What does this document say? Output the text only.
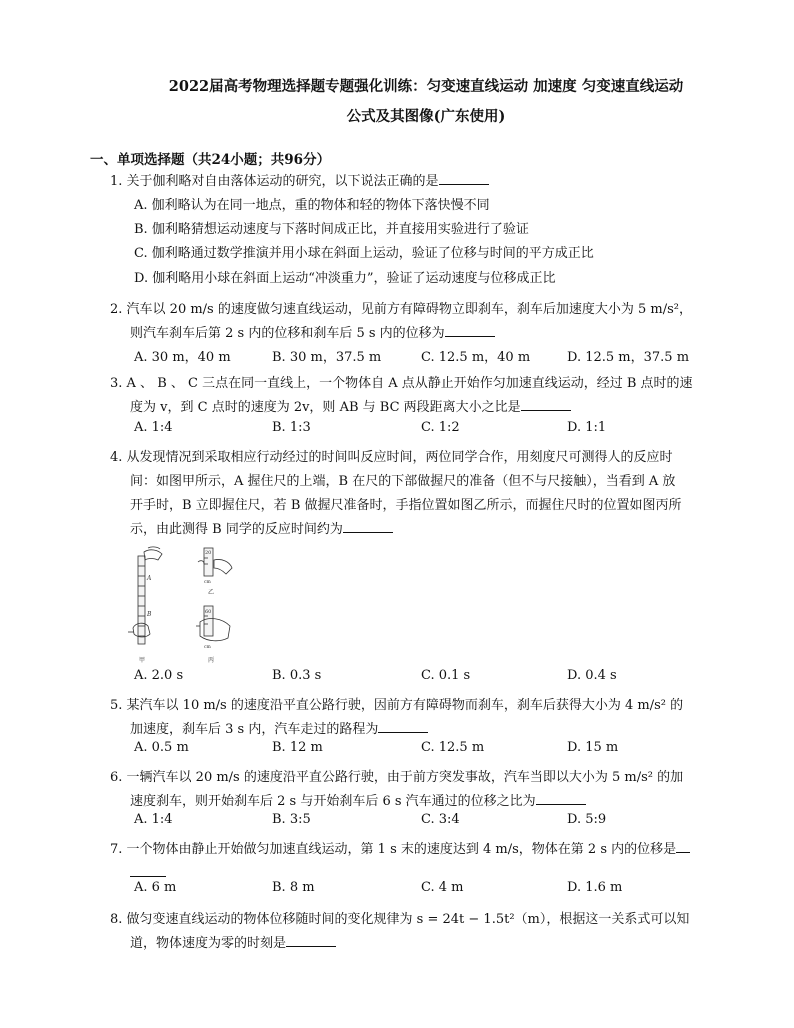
2022届高考物理选择题专题强化训练：匀变速直线运动 加速度 匀变速直线运动
公式及其图像(广东使用)
一、单项选择题（共24小题；共96分）
1. 关于伽利略对自由落体运动的研究，以下说法正确的是
A. 伽利略认为在同一地点，重的物体和轻的物体下落快慢不同
B. 伽利略猜想运动速度与下落时间成正比，并直接用实验进行了验证
C. 伽利略通过数学推演并用小球在斜面上运动，验证了位移与时间的平方成正比
D. 伽利略用小球在斜面上运动“冲淡重力”，验证了运动速度与位移成正比
2. 汽车以 20 m/s 的速度做匀速直线运动，见前方有障碍物立即刹车，刹车后加速度大小为 5 m/s²，
则汽车刹车后第 2 s 内的位移和刹车后 5 s 内的位移为
A. 30 m，40 m	B. 30 m，37.5 m	C. 12.5 m，40 m	D. 12.5 m，37.5 m
3. A 、 B 、 C 三点在同一直线上，一个物体自 A 点从静止开始作匀加速直线运动，经过 B 点时的速
度为 v，到 C 点时的速度为 2v，则 AB 与 BC 两段距离大小之比是
A. 1:4	B. 1:3	C. 1:2	D. 1:1
4. 从发现情况到采取相应行动经过的时间叫反应时间，两位同学合作，用刻度尺可测得人的反应时
间：如图甲所示，A 握住尺的上端，B 在尺的下部做握尺的准备（但不与尺接触），当看到 A 放
开手时，B 立即握住尺，若 B 做握尺准备时，手指位置如图乙所示，而握住尺时的位置如图丙所
示，由此测得 B 同学的反应时间约为
A
B
甲
20
cm
乙
60
cm
丙
A. 2.0 s	B. 0.3 s	C. 0.1 s	D. 0.4 s
5. 某汽车以 10 m/s 的速度沿平直公路行驶，因前方有障碍物而刹车，刹车后获得大小为 4 m/s² 的
加速度，刹车后 3 s 内，汽车走过的路程为
A. 0.5 m	B. 12 m	C. 12.5 m	D. 15 m
6. 一辆汽车以 20 m/s 的速度沿平直公路行驶，由于前方突发事故，汽车当即以大小为 5 m/s² 的加
速度刹车，则开始刹车后 2 s 与开始刹车后 6 s 汽车通过的位移之比为
A. 1:4	B. 3:5	C. 3:4	D. 5:9
7. 一个物体由静止开始做匀加速直线运动，第 1 s 末的速度达到 4 m/s，物体在第 2 s 内的位移是
A. 6 m	B. 8 m	C. 4 m	D. 1.6 m
8. 做匀变速直线运动的物体位移随时间的变化规律为 s = 24t − 1.5t²（m），根据这一关系式可以知
道，物体速度为零的时刻是
